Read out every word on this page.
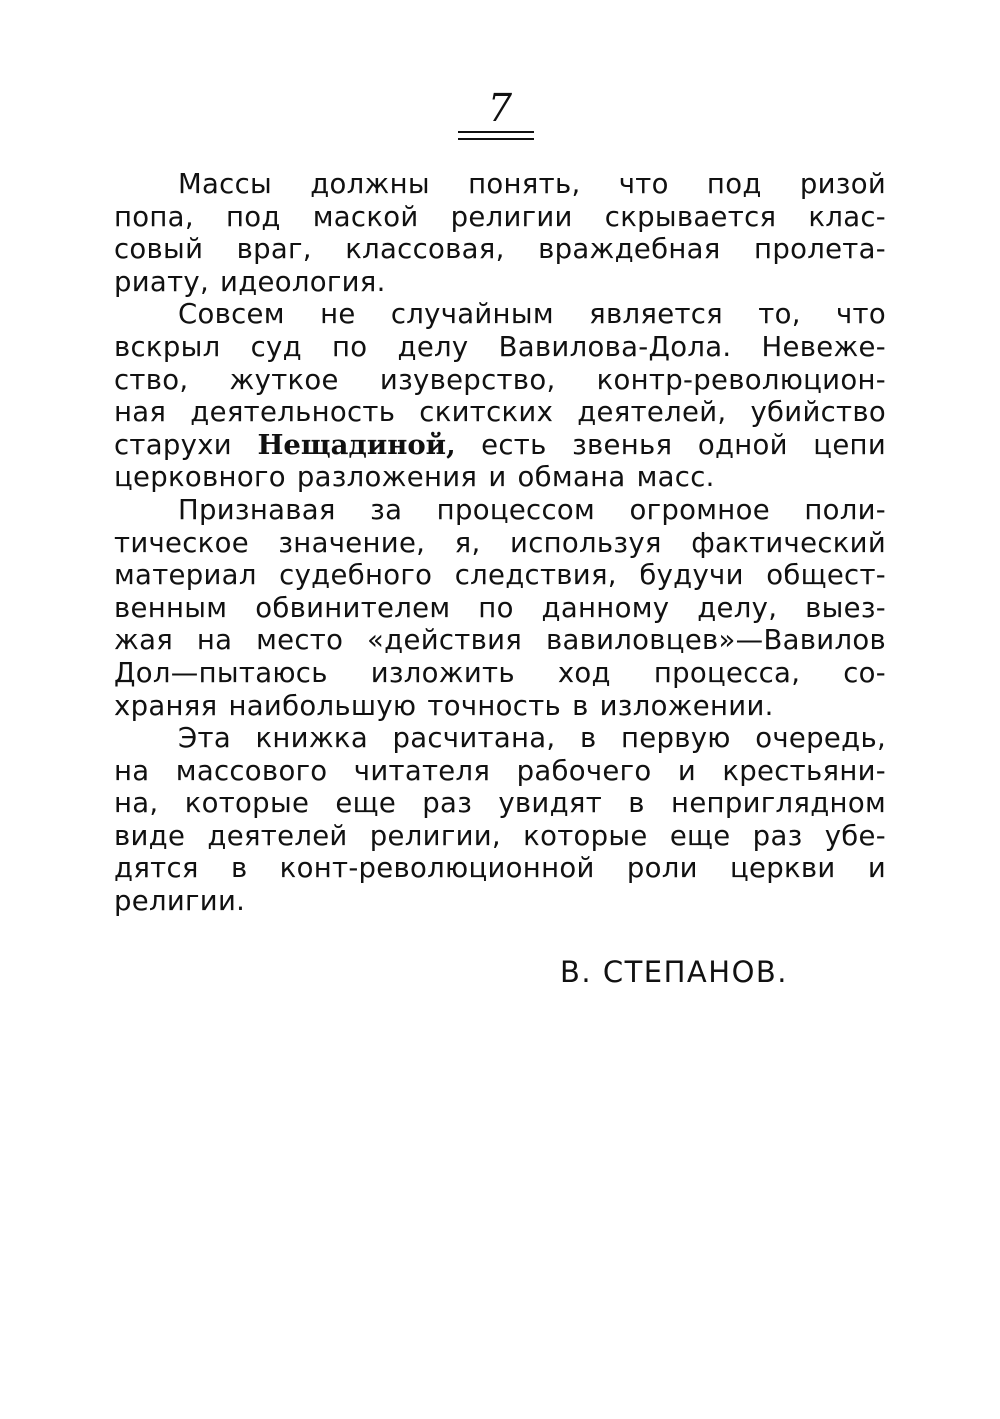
7
Массы должны понять, что под ризой
попа, под маской религии скрывается клас-
совый враг, классовая, враждебная пролета-
риату, идеология.
Совсем не случайным является то, что
вскрыл суд по делу Вавилова-Дола. Невеже-
ство, жуткое изуверство, контр-революцион-
ная деятельность скитских деятелей, убийство
старухи Нещадиной, есть звенья одной цепи
церковного разложения и обмана масс.
Признавая за процессом огромное поли-
тическое значение, я, используя фактический
материал судебного следствия, будучи общест-
венным обвинителем по данному делу, выез-
жая на место «действия вавиловцев»—Вавилов
Дол—пытаюсь изложить ход процесса, со-
храняя наибольшую точность в изложении.
Эта книжка расчитана, в первую очередь,
на массового читателя рабочего и крестьяни-
на, которые еще раз увидят в неприглядном
виде деятелей религии, которые еще раз убе-
дятся в конт-революционной роли церкви и
религии.
В. СТЕПАНОВ.
